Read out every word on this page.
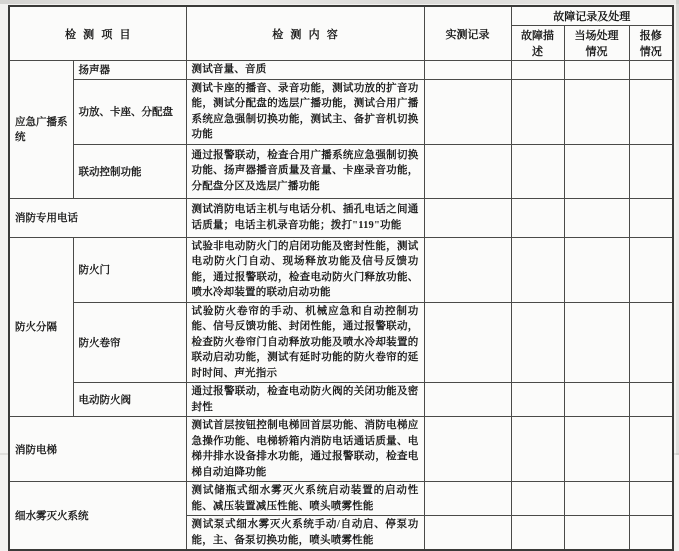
检测项目		检测内容	实测记录	故障记录及处理		
				故障描述	当场处理情况	报修情况
应急广播系统	扬声器	测试音量、音质				
	功放、卡座、分配盘	测试卡座的播音、录音功能，测试功放的扩音功能，测试分配盘的选层广播功能，测试合用广播系统应急强制切换功能，测试主、备扩音机切换功能				
	联动控制功能	通过报警联动，检查合用广播系统应急强制切换功能、扬声器播音质量及音量、卡座录音功能，分配盘分区及选层广播功能				
消防专用电话		测试消防电话主机与电话分机、插孔电话之间通话质量；电话主机录音功能；拨打"119"功能				
防火分隔	防火门	试验非电动防火门的启闭功能及密封性能，测试电动防火门自动、现场释放功能及信号反馈功能，通过报警联动，检查电动防火门释放功能、喷水冷却装置的联动启动功能				
	防火卷帘	试验防火卷帘的手动、机械应急和自动控制功能、信号反馈功能、封闭性能，通过报警联动，检查防火卷帘门自动释放功能及喷水冷却装置的联动启动功能，测试有延时功能的防火卷帘的延时时间、声光指示				
	电动防火阀	通过报警联动，检查电动防火阀的关闭功能及密封性				
消防电梯		测试首层按钮控制电梯回首层功能、消防电梯应急操作功能、电梯轿箱内消防电话通话质量、电梯井排水设备排水功能，通过报警联动，检查电梯自动迫降功能				
细水雾灭火系统		测试储瓶式细水雾灭火系统启动装置的启动性能、减压装置减压性能、喷头喷雾性能				
		测试泵式细水雾灭火系统手动/自动启、停泵功能，主、备泵切换功能，喷头喷雾性能				
